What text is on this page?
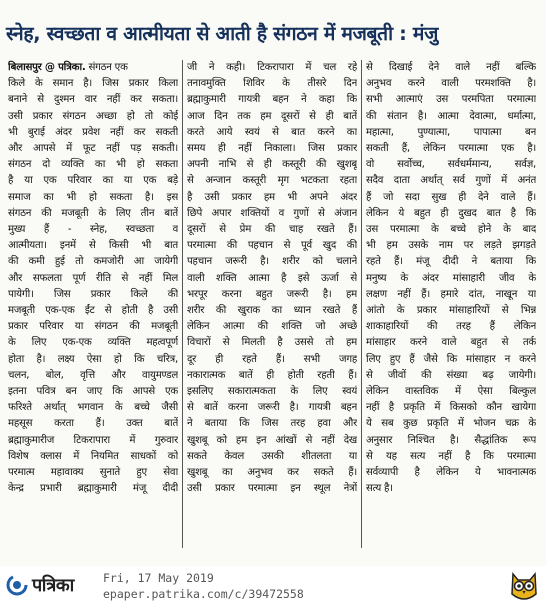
स्नेह, स्वच्छता व आत्मीयता से आती है संगठन में मजबूती : मंजु
बिलासपुर @ पत्रिका. संगठन एक
किले के समान है। जिस प्रकार किला
बनाने से दुश्मन वार नहीं कर सकता।
उसी प्रकार संगठन अच्छा हो तो कोई
भी बुराई अंदर प्रवेश नहीं कर सकती
और आपसे में फूट नहीं पड़ सकती।
संगठन दो व्यक्ति का भी हो सकता
है या एक परिवार का या एक बड़े
समाज का भी हो सकता है। इस
संगठन की मजबूती के लिए तीन बातें
मुख्य हैं - स्नेह, स्वच्छता व
आत्मीयता। इनमें से किसी भी बात
की कमी हुई तो कमजोरी आ जायेगी
और सफलता पूर्ण रीति से नहीं मिल
पायेगी। जिस प्रकार किले की
मजबूती एक-एक ईंट से होती है उसी
प्रकार परिवार या संगठन की मजबूती
के लिए एक-एक व्यक्ति महत्वपूर्ण
होता है। लक्ष्य ऐसा हो कि चरित्र,
चलन, बोल, वृत्ति और वायुमण्डल
इतना पवित्र बन जाए कि आपसे एक
फरिश्ते अर्थात् भगवान के बच्चे जैसी
महसूस करता हैं। उक्त बातें
ब्रह्माकुमारीज टिकरापारा में गुरुवार
विशेष क्लास में नियमित साधकों को
परमात्म महावाक्य सुनाते हुए सेवा
केन्द्र प्रभारी ब्रह्माकुमारी मंजू दीदी
जी ने कही। टिकरापारा में चल रहे
तनावमुक्ति शिविर के तीसरे दिन
ब्रह्माकुमारी गायत्री बहन ने कहा कि
आज दिन तक हम दूसरों से ही बातें
करते आये स्वयं से बात करने का
समय ही नहीं निकाला। जिस प्रकार
अपनी नाभि से ही कस्तूरी की खुशबू
से अन्जान कस्तूरी मृग भटकता रहता
है उसी प्रकार हम भी अपने अंदर
छिपे अपार शक्तियों व गुणों से अंजान
दूसरों से प्रेम की चाह रखते हैं।
परमात्मा की पहचान से पूर्व खुद की
पहचान जरूरी है। शरीर को चलाने
वाली शक्ति आत्मा है इसे ऊर्जा से
भरपूर करना बहुत जरूरी है। हम
शरीर की खुराक का ध्यान रखते हैं
लेकिन आत्मा की शक्ति जो अच्छे
विचारों से मिलती है उससे तो हम
दूर ही रहते हैं। सभी जगह
नकारात्मक बातें ही होती रहती हैं।
इसलिए सकारात्मकता के लिए स्वयं
से बातें करना जरूरी है। गायत्री बहन
ने बताया कि जिस तरह हवा और
खुशबू को हम इन आंखों से नहीं देख
सकते केवल उसकी शीतलता या
खुशबू का अनुभव कर सकते हैं।
उसी प्रकार परमात्मा इन स्थूल नेत्रों
से दिखाई देने वाले नहीं बल्कि
अनुभव करने वाली परमशक्ति है।
सभी आत्माएं उस परमपिता परमात्मा
की संतान है। आत्मा देवात्मा, धर्मात्मा,
महात्मा, पुण्यात्मा, पापात्मा बन
सकती हैं, लेकिन परमात्मा एक है।
वो सर्वोच्च, सर्वधर्ममान्य, सर्वज्ञ,
सदैव दाता अर्थात् सर्व गुणों में अनंत
हैं जो सदा सुख ही देने वाले हैं।
लेकिन ये बहुत ही दुखद बात है कि
उस परमात्मा के बच्चे होने के बाद
भी हम उसके नाम पर लड़ते झगड़ते
रहते हैं। मंजू दीदी ने बताया कि
मनुष्य के अंदर मांसाहारी जीव के
लक्षण नहीं हैं। हमारे दांत, नाखून या
आंतो के प्रकार मांसाहारियों से भिन्न
शाकाहारियों की तरह हैं लेकिन
मांसाहार करने वाले बहुत से तर्क
लिए हुए हैं जैसे कि मांसाहार न करने
से जीवों की संख्या बढ़ जायेगी।
लेकिन वास्तविक में ऐसा बिल्कुल
नहीं है प्रकृति में किसको कौन खायेगा
ये सब कुछ प्रकृति में भोजन चक्र के
अनुसार निश्चित है। सैद्धांतिक रूप
से यह सत्य नहीं है कि परमात्मा
सर्वव्यापी है लेकिन ये भावनात्मक
सत्य है।
पत्रिका	Fri, 17 May 2019
epaper.patrika.com/c/39472558
